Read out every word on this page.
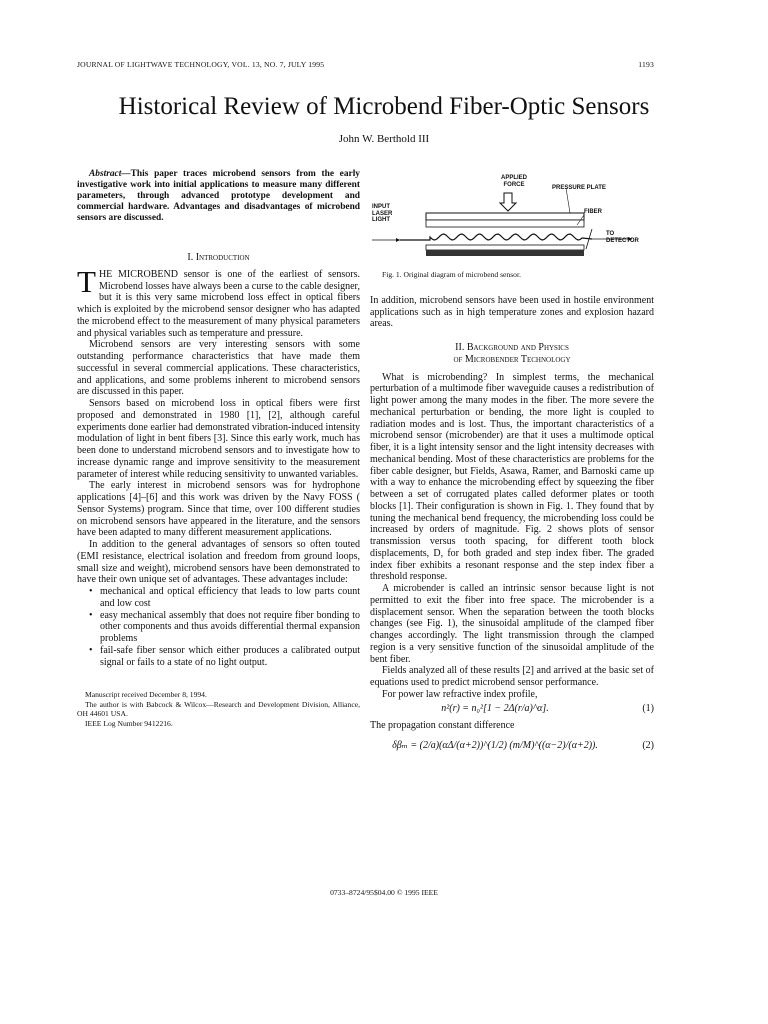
JOURNAL OF LIGHTWAVE TECHNOLOGY, VOL. 13, NO. 7, JULY 1995	1193
Historical Review of Microbend Fiber-Optic Sensors
John W. Berthold III

Abstract—This paper traces microbend sensors from the early investigative work into initial applications to measure many different parameters, through advanced prototype development and commercial hardware. Advantages and disadvantages of microbend sensors are discussed.

I. Introduction

THE MICROBEND sensor is one of the earliest of sensors. Microbend losses have always been a curse to the cable designer, but it is this very same microbend loss effect in optical fibers which is exploited by the microbend sensor designer who has adapted the microbend effect to the measurement of many physical parameters and physical variables such as temperature and pressure.

Microbend sensors are very interesting sensors with some outstanding performance characteristics that have made them successful in several commercial applications. These characteristics, and applications, and some problems inherent to microbend sensors are discussed in this paper.

Sensors based on microbend loss in optical fibers were first proposed and demonstrated in 1980 [1], [2], although careful experiments done earlier had demonstrated vibration-induced intensity modulation of light in bent fibers [3]. Since this early work, much has been done to understand microbend sensors and to investigate how to increase dynamic range and improve sensitivity to the measurement parameter of interest while reducing sensitivity to unwanted variables.

The early interest in microbend sensors was for hydrophone applications [4]–[6] and this work was driven by the Navy FOSS ( Sensor Systems) program. Since that time, over 100 different studies on microbend sensors have appeared in the literature, and the sensors have been adapted to many different measurement applications.

In addition to the general advantages of sensors so often touted (EMI resistance, electrical isolation and freedom from ground loops, small size and weight), microbend sensors have been demonstrated to have their own unique set of advantages. These advantages include:

• mechanical and optical efficiency that leads to low parts count and low cost
• easy mechanical assembly that does not require fiber bonding to other components and thus avoids differential thermal expansion problems
• fail-safe fiber sensor which either produces a calibrated output signal or fails to a state of no light output.

Manuscript received December 8, 1994.

The author is with Babcock & Wilcox—Research and Development Division, Alliance, OH 44601 USA.

IEEE Log Number 9412216.

APPLIED FORCE
PRESSURE PLATE
INPUT LASER LIGHT
FIBER
TO DETECTOR

Fig. 1. Original diagram of microbend sensor.

In addition, microbend sensors have been used in hostile environment applications such as in high temperature zones and explosion hazard areas.

II. Background and Physics

of Microbender Technology

What is microbending? In simplest terms, the mechanical perturbation of a multimode fiber waveguide causes a redistribution of light power among the many modes in the fiber. The more severe the mechanical perturbation or bending, the more light is coupled to radiation modes and is lost. Thus, the important characteristics of a microbend sensor (microbender) are that it uses a multimode optical fiber, it is a light intensity sensor and the light intensity decreases with mechanical bending. Most of these characteristics are problems for the fiber cable designer, but Fields, Asawa, Ramer, and Barnoski came up with a way to enhance the microbending effect by squeezing the fiber between a set of corrugated plates called deformer plates or tooth blocks [1]. Their configuration is shown in Fig. 1. They found that by tuning the mechanical bend frequency, the microbending loss could be increased by orders of magnitude. Fig. 2 shows plots of sensor transmission versus tooth spacing, for different tooth block displacements, D, for both graded and step index fiber. The graded index fiber exhibits a resonant response and the step index fiber a threshold response.

A microbender is called an intrinsic sensor because light is not permitted to exit the fiber into free space. The microbender is a displacement sensor. When the separation between the tooth blocks changes (see Fig. 1), the sinusoidal amplitude of the clamped fiber changes accordingly. The light transmission through the clamped region is a very sensitive function of the sinusoidal amplitude of the bent fiber.

Fields analyzed all of these results [2] and arrived at the basic set of equations used to predict microbend sensor performance.

For power law refractive index profile,

n²(r) = n₀²[1 − 2Δ(r/a)^α].	(1)

The propagation constant difference

δβₘ = (2/a)(αΔ/(α+2))^(1/2) (m/M)^((α−2)/(α+2)).	(2)
0733–8724/95$04.00 © 1995 IEEE
